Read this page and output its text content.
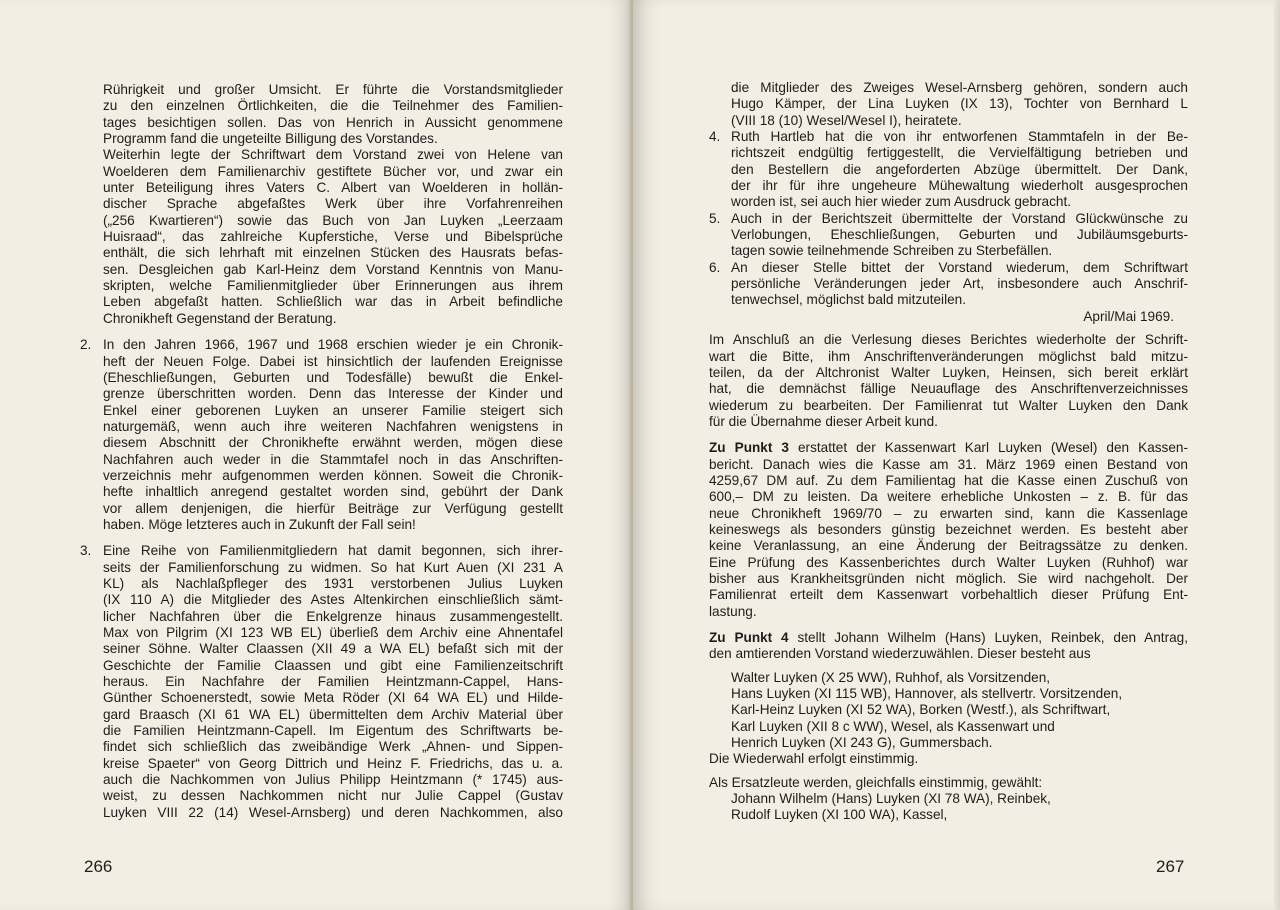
Rührigkeit und großer Umsicht. Er führte die Vorstandsmitglieder
zu den einzelnen Örtlichkeiten, die die Teilnehmer des Familien-
tages besichtigen sollen. Das von Henrich in Aussicht genommene
Programm fand die ungeteilte Billigung des Vorstandes.
Weiterhin legte der Schriftwart dem Vorstand zwei von Helene van
Woelderen dem Familienarchiv gestiftete Bücher vor, und zwar ein
unter Beteiligung ihres Vaters C. Albert van Woelderen in hollän-
discher Sprache abgefaßtes Werk über ihre Vorfahrenreihen
(„256 Kwartieren“) sowie das Buch von Jan Luyken „Leerzaam
Huisraad“, das zahlreiche Kupferstiche, Verse und Bibelsprüche
enthält, die sich lehrhaft mit einzelnen Stücken des Hausrats befas-
sen. Desgleichen gab Karl-Heinz dem Vorstand Kenntnis von Manu-
skripten, welche Familienmitglieder über Erinnerungen aus ihrem
Leben abgefaßt hatten. Schließlich war das in Arbeit befindliche
Chronikheft Gegenstand der Beratung.
2. In den Jahren 1966, 1967 und 1968 erschien wieder je ein Chronik-
heft der Neuen Folge. Dabei ist hinsichtlich der laufenden Ereignisse
(Eheschließungen, Geburten und Todesfälle) bewußt die Enkel-
grenze überschritten worden. Denn das Interesse der Kinder und
Enkel einer geborenen Luyken an unserer Familie steigert sich
naturgemäß, wenn auch ihre weiteren Nachfahren wenigstens in
diesem Abschnitt der Chronikhefte erwähnt werden, mögen diese
Nachfahren auch weder in die Stammtafel noch in das Anschriften-
verzeichnis mehr aufgenommen werden können. Soweit die Chronik-
hefte inhaltlich anregend gestaltet worden sind, gebührt der Dank
vor allem denjenigen, die hierfür Beiträge zur Verfügung gestellt
haben. Möge letzteres auch in Zukunft der Fall sein!
3. Eine Reihe von Familienmitgliedern hat damit begonnen, sich ihrer-
seits der Familienforschung zu widmen. So hat Kurt Auen (XI 231 A
KL) als Nachlaßpfleger des 1931 verstorbenen Julius Luyken
(IX 110 A) die Mitglieder des Astes Altenkirchen einschließlich sämt-
licher Nachfahren über die Enkelgrenze hinaus zusammengestellt.
Max von Pilgrim (XI 123 WB EL) überließ dem Archiv eine Ahnentafel
seiner Söhne. Walter Claassen (XII 49 a WA EL) befaßt sich mit der
Geschichte der Familie Claassen und gibt eine Familienzeitschrift
heraus. Ein Nachfahre der Familien Heintzmann-Cappel, Hans-
Günther Schoenerstedt, sowie Meta Röder (XI 64 WA EL) und Hilde-
gard Braasch (XI 61 WA EL) übermittelten dem Archiv Material über
die Familien Heintzmann-Capell. Im Eigentum des Schriftwarts be-
findet sich schließlich das zweibändige Werk „Ahnen- und Sippen-
kreise Spaeter“ von Georg Dittrich und Heinz F. Friedrichs, das u. a.
auch die Nachkommen von Julius Philipp Heintzmann (* 1745) aus-
weist, zu dessen Nachkommen nicht nur Julie Cappel (Gustav
Luyken VIII 22 (14) Wesel-Arnsberg) und deren Nachkommen, also
266
die Mitglieder des Zweiges Wesel-Arnsberg gehören, sondern auch
Hugo Kämper, der Lina Luyken (IX 13), Tochter von Bernhard L
(VIII 18 (10) Wesel/Wesel I), heiratete.
4. Ruth Hartleb hat die von ihr entworfenen Stammtafeln in der Be-
richtszeit endgültig fertiggestellt, die Vervielfältigung betrieben und
den Bestellern die angeforderten Abzüge übermittelt. Der Dank,
der ihr für ihre ungeheure Mühewaltung wiederholt ausgesprochen
worden ist, sei auch hier wieder zum Ausdruck gebracht.
5. Auch in der Berichtszeit übermittelte der Vorstand Glückwünsche zu
Verlobungen, Eheschließungen, Geburten und Jubiläumsgeburts-
tagen sowie teilnehmende Schreiben zu Sterbefällen.
6. An dieser Stelle bittet der Vorstand wiederum, dem Schriftwart
persönliche Veränderungen jeder Art, insbesondere auch Anschrif-
tenwechsel, möglichst bald mitzuteilen.
April/Mai 1969.
Im Anschluß an die Verlesung dieses Berichtes wiederholte der Schrift-
wart die Bitte, ihm Anschriftenveränderungen möglichst bald mitzu-
teilen, da der Altchronist Walter Luyken, Heinsen, sich bereit erklärt
hat, die demnächst fällige Neuauflage des Anschriftenverzeichnisses
wiederum zu bearbeiten. Der Familienrat tut Walter Luyken den Dank
für die Übernahme dieser Arbeit kund.
Zu Punkt 3 erstattet der Kassenwart Karl Luyken (Wesel) den Kassen-
bericht. Danach wies die Kasse am 31. März 1969 einen Bestand von
4259,67 DM auf. Zu dem Familientag hat die Kasse einen Zuschuß von
600,– DM zu leisten. Da weitere erhebliche Unkosten – z. B. für das
neue Chronikheft 1969/70 – zu erwarten sind, kann die Kassenlage
keineswegs als besonders günstig bezeichnet werden. Es besteht aber
keine Veranlassung, an eine Änderung der Beitragssätze zu denken.
Eine Prüfung des Kassenberichtes durch Walter Luyken (Ruhhof) war
bisher aus Krankheitsgründen nicht möglich. Sie wird nachgeholt. Der
Familienrat erteilt dem Kassenwart vorbehaltlich dieser Prüfung Ent-
lastung.
Zu Punkt 4 stellt Johann Wilhelm (Hans) Luyken, Reinbek, den Antrag,
den amtierenden Vorstand wiederzuwählen. Dieser besteht aus
Walter Luyken (X 25 WW), Ruhhof, als Vorsitzenden,
Hans Luyken (XI 115 WB), Hannover, als stellvertr. Vorsitzenden,
Karl-Heinz Luyken (XI 52 WA), Borken (Westf.), als Schriftwart,
Karl Luyken (XII 8 c WW), Wesel, als Kassenwart und
Henrich Luyken (XI 243 G), Gummersbach.
Die Wiederwahl erfolgt einstimmig.
Als Ersatzleute werden, gleichfalls einstimmig, gewählt:
Johann Wilhelm (Hans) Luyken (XI 78 WA), Reinbek,
Rudolf Luyken (XI 100 WA), Kassel,
267
